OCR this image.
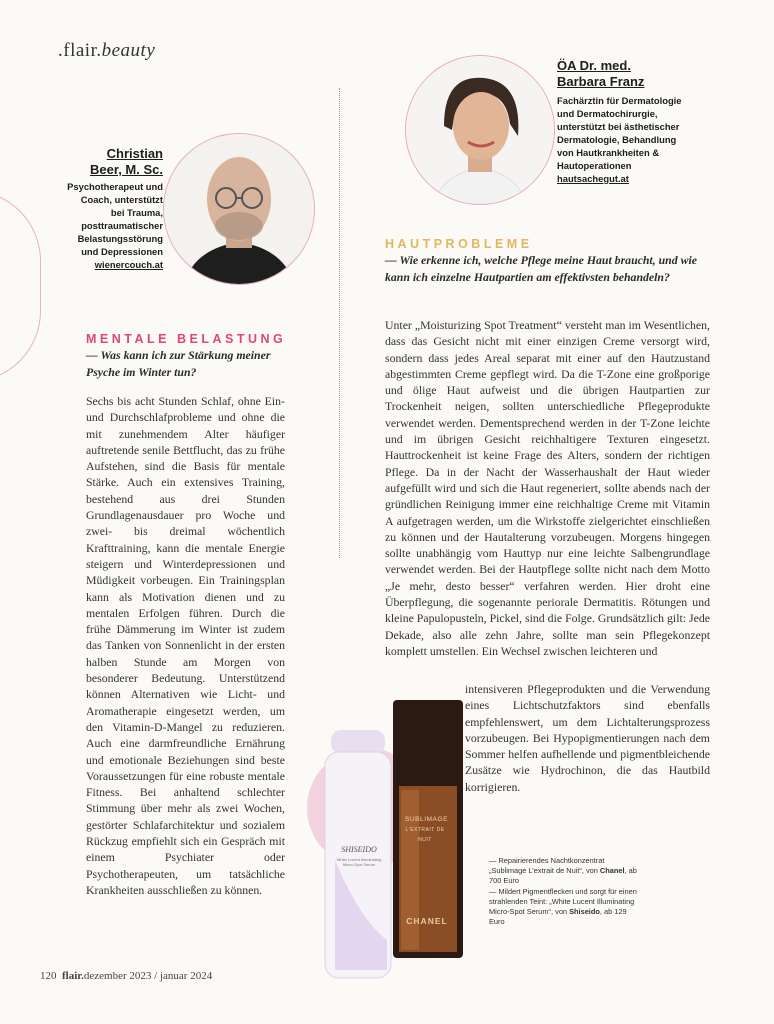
.flair.beauty
Christian
Beer, M. Sc.
Psychotherapeut und
Coach, unterstützt
bei Trauma,
posttraumatischer
Belastungsstörung
und Depressionen
wienercouch.at
ÖA Dr. med.
Barbara Franz
Fachärztin für Dermatologie
und Dermatochirurgie,
unterstützt bei ästhetischer
Dermatologie, Behandlung
von Hautkrankheiten &
Hautoperationen
hautsachegut.at
MENTALE BELASTUNG
— Was kann ich zur Stärkung meiner Psyche im Winter tun?

Sechs bis acht Stunden Schlaf, ohne Ein- und Durchschlafprobleme und ohne die mit zunehmendem Alter häufiger auftretende senile Bettflucht, das zu frühe Aufstehen, sind die Basis für mentale Stärke. Auch ein extensives Training, bestehend aus drei Stunden Grundlagenausdauer pro Woche und zwei- bis dreimal wöchentlich Krafttraining, kann die mentale Energie steigern und Winterdepressionen und Müdigkeit vorbeugen. Ein Trainingsplan kann als Motivation dienen und zu mentalen Erfolgen führen. Durch die frühe Dämmerung im Winter ist zudem das Tanken von Sonnenlicht in der ersten halben Stunde am Morgen von besonderer Bedeutung. Unterstützend können Alternativen wie Licht- und Aromatherapie eingesetzt werden, um den Vitamin-D-Mangel zu reduzieren. Auch eine darmfreundliche Ernährung und emotionale Beziehungen sind beste Voraussetzungen für eine robuste mentale Fitness. Bei anhaltend schlechter Stimmung über mehr als zwei Wochen, gestörter Schlafarchitektur und sozialem Rückzug empfiehlt sich ein Gespräch mit einem Psychiater oder Psychotherapeuten, um tatsächliche Krankheiten ausschließen zu können.

HAUTPROBLEME
— Wie erkenne ich, welche Pflege meine Haut braucht, und wie kann ich einzelne Hautpartien am effektivsten behandeln?

Unter „Moisturizing Spot Treatment“ versteht man im Wesentlichen, dass das Gesicht nicht mit einer einzigen Creme versorgt wird, sondern dass jedes Areal separat mit einer auf den Hautzustand abgestimmten Creme gepflegt wird. Da die T-Zone eine großporige und ölige Haut aufweist und die übrigen Hautpartien zur Trockenheit neigen, sollten unterschiedliche Pflegeprodukte verwendet werden. Dementsprechend werden in der T-Zone leichte und im übrigen Gesicht reichhaltigere Texturen eingesetzt. Hauttrockenheit ist keine Frage des Alters, sondern der richtigen Pflege. Da in der Nacht der Wasserhaushalt der Haut wieder aufgefüllt wird und sich die Haut regeneriert, sollte abends nach der gründlichen Reinigung immer eine reichhaltige Creme mit Vitamin A aufgetragen werden, um die Wirkstoffe zielgerichtet einschließen zu können und der Hautalterung vorzubeugen. Morgens hingegen sollte unabhängig vom Hauttyp nur eine leichte Salbengrundlage verwendet werden. Bei der Hautpflege sollte nicht nach dem Motto „Je mehr, desto besser“ verfahren werden. Hier droht eine Überpflegung, die sogenannte periorale Dermatitis. Rötungen und kleine Papulopusteln, Pickel, sind die Folge. Grundsätzlich gilt: Jede Dekade, also alle zehn Jahre, sollte man sein Pflegekonzept komplett umstellen. Ein Wechsel zwischen leichteren und

intensiveren Pflegeprodukten und die Verwendung eines Lichtschutzfaktors sind ebenfalls empfehlenswert, um dem Lichtalterungsprozess vorzubeugen. Bei Hypopigmentierungen nach dem Sommer helfen aufhellende und pigmentbleichende Zusätze wie Hydrochinon, die das Hautbild korrigieren.

SUBLIMAGE
L'EXTRAIT DE NUIT
CHANEL
SHISEIDO
White Lucent Illuminating Micro-Spot Serum	— Repairierendes Nachtkonzentrat „Sublimage L’extrait de Nuit“, von Chanel, ab 700 Euro
— Mildert Pigmentflecken und sorgt für einen strahlenden Teint: „White Lucent Illuminating Micro-Spot Serum“, von Shiseido, ab 129 Euro
120 flair.dezember 2023 / januar 2024
